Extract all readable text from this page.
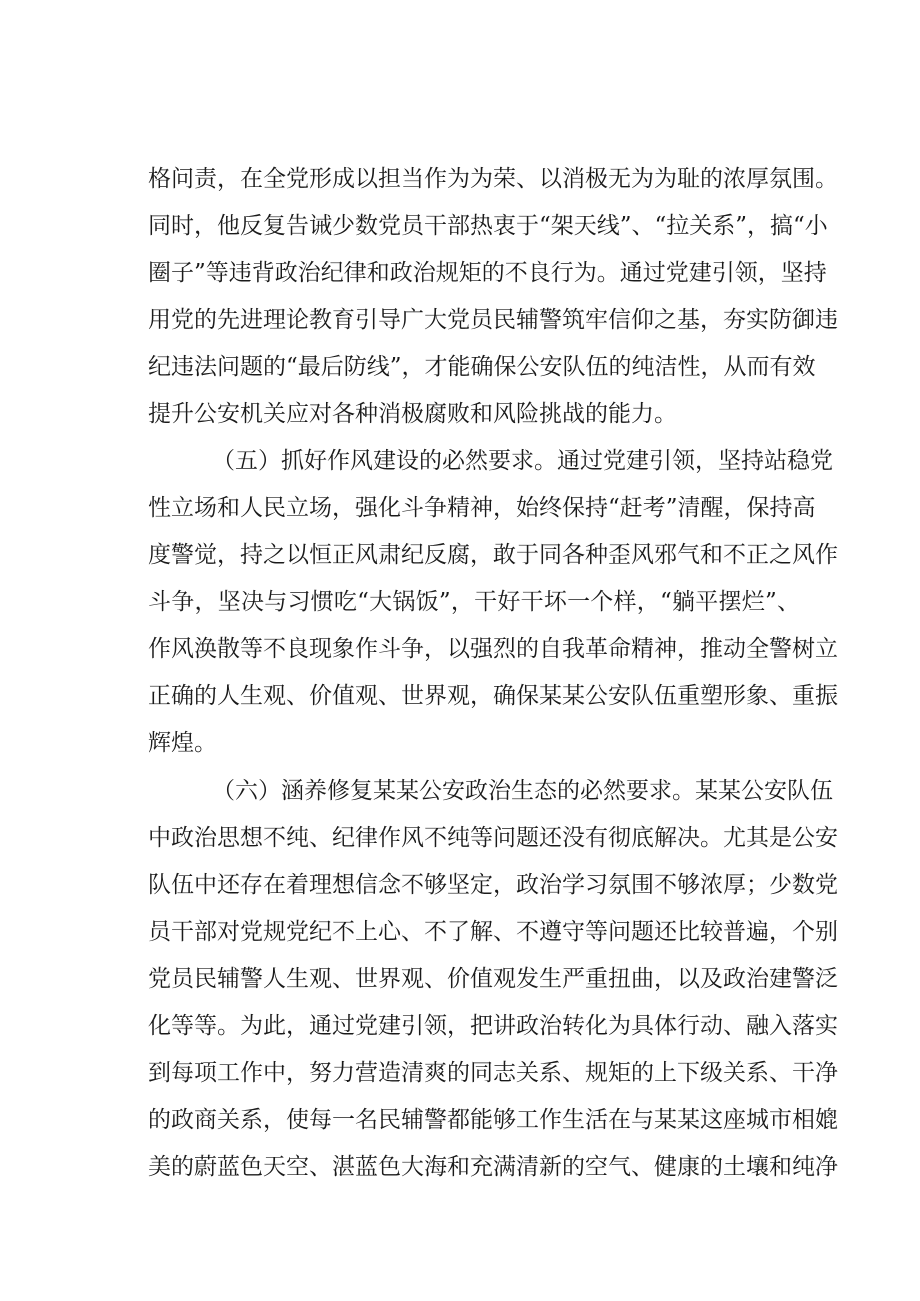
格问责，在全党形成以担当作为为荣、以消极无为为耻的浓厚氛围。
同时，他反复告诫少数党员干部热衷于“架天线”、“拉关系”，搞“小
圈子”等违背政治纪律和政治规矩的不良行为。通过党建引领，坚持
用党的先进理论教育引导广大党员民辅警筑牢信仰之基，夯实防御违
纪违法问题的“最后防线”，才能确保公安队伍的纯洁性，从而有效
提升公安机关应对各种消极腐败和风险挑战的能力。
（五）抓好作风建设的必然要求。通过党建引领，坚持站稳党
性立场和人民立场，强化斗争精神，始终保持“赶考”清醒，保持高
度警觉，持之以恒正风肃纪反腐，敢于同各种歪风邪气和不正之风作
斗争，坚决与习惯吃“大锅饭”，干好干坏一个样，“躺平摆烂”、
作风涣散等不良现象作斗争，以强烈的自我革命精神，推动全警树立
正确的人生观、价值观、世界观，确保某某公安队伍重塑形象、重振
辉煌。
（六）涵养修复某某公安政治生态的必然要求。某某公安队伍
中政治思想不纯、纪律作风不纯等问题还没有彻底解决。尤其是公安
队伍中还存在着理想信念不够坚定，政治学习氛围不够浓厚；少数党
员干部对党规党纪不上心、不了解、不遵守等问题还比较普遍，个别
党员民辅警人生观、世界观、价值观发生严重扭曲，以及政治建警泛
化等等。为此，通过党建引领，把讲政治转化为具体行动、融入落实
到每项工作中，努力营造清爽的同志关系、规矩的上下级关系、干净
的政商关系，使每一名民辅警都能够工作生活在与某某这座城市相媲
美的蔚蓝色天空、湛蓝色大海和充满清新的空气、健康的土壤和纯净
